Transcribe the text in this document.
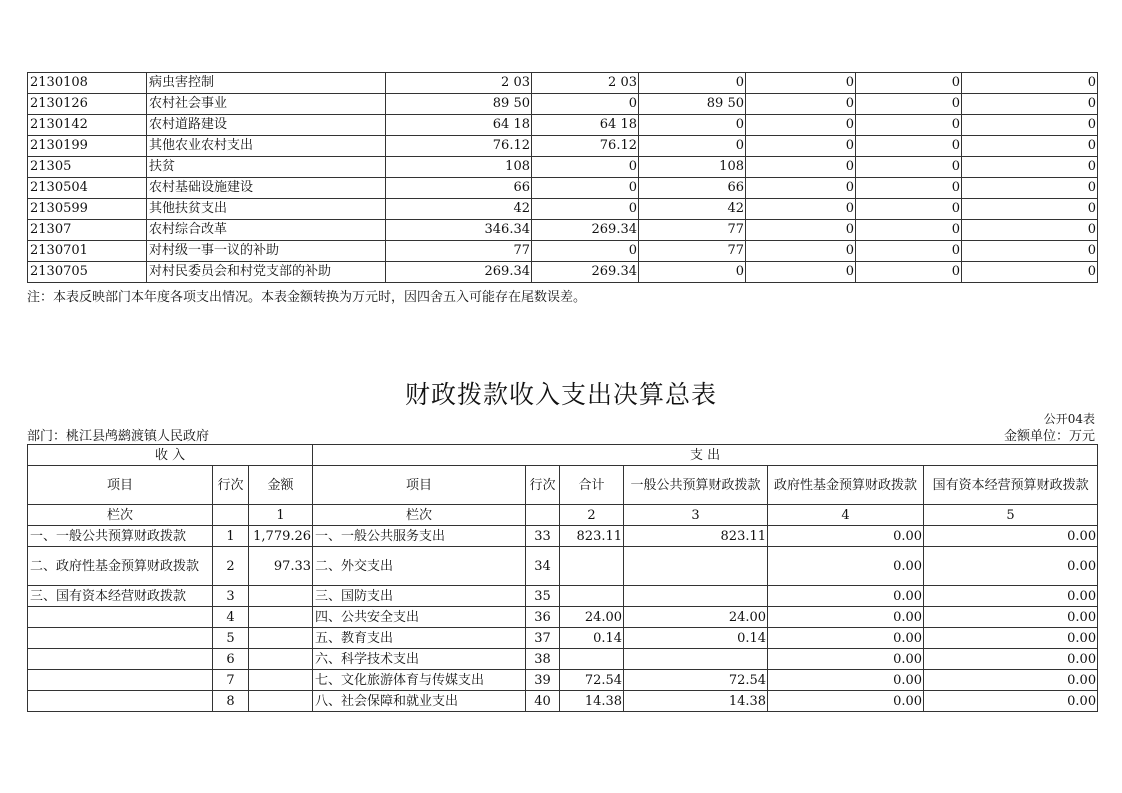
2130108	病虫害控制	2 03	2 03	0	0	0	0
2130126	农村社会事业	89 50	0	89 50	0	0	0
2130142	农村道路建设	64 18	64 18	0	0	0	0
2130199	其他农业农村支出	76.12	76.12	0	0	0	0
21305	扶贫	108	0	108	0	0	0
2130504	农村基础设施建设	66	0	66	0	0	0
2130599	其他扶贫支出	42	0	42	0	0	0
21307	农村综合改革	346.34	269.34	77	0	0	0
2130701	对村级一事一议的补助	77	0	77	0	0	0
2130705	对村民委员会和村党支部的补助	269.34	269.34	0	0	0	0
注：本表反映部门本年度各项支出情况。本表金额转换为万元时，因四舍五入可能存在尾数误差。
财政拨款收入支出决算总表
公开04表
部门：桃江县鸬鹚渡镇人民政府	金额单位：万元
收 入			支 出					
项目	行次	金额	项目	行次	合计	一般公共预算财政拨款	政府性基金预算财政拨款	国有资本经营预算财政拨款
栏次		1	栏次		2	3	4	5
一、一般公共预算财政拨款	1	1,779.26	一、一般公共服务支出	33	823.11	823.11	0.00	0.00
二、政府性基金预算财政拨款	2	97.33	二、外交支出	34			0.00	0.00
三、国有资本经营财政拨款	3		三、国防支出	35			0.00	0.00
	4		四、公共安全支出	36	24.00	24.00	0.00	0.00
	5		五、教育支出	37	0.14	0.14	0.00	0.00
	6		六、科学技术支出	38			0.00	0.00
	7		七、文化旅游体育与传媒支出	39	72.54	72.54	0.00	0.00
	8		八、社会保障和就业支出	40	14.38	14.38	0.00	0.00
